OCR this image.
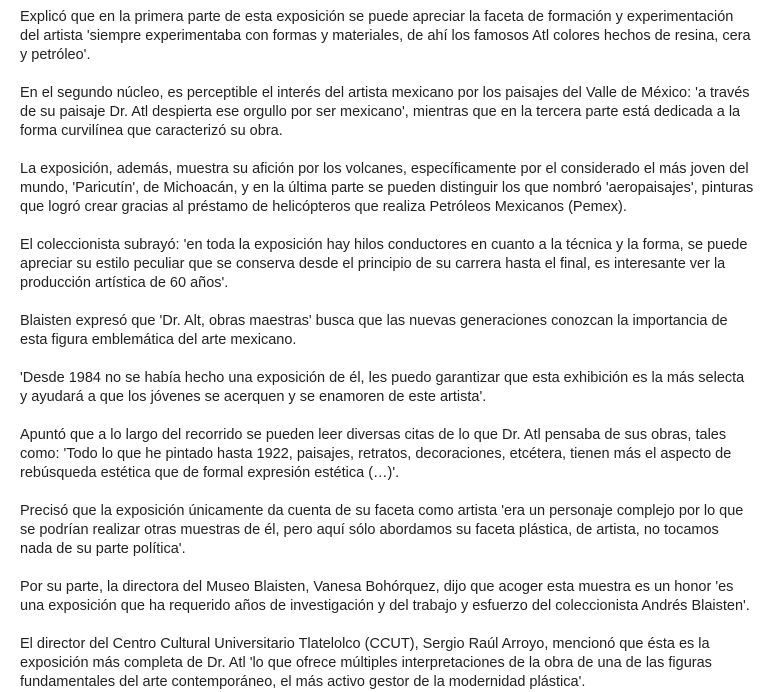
Explicó que en la primera parte de esta exposición se puede apreciar la faceta de formación y experimentación del artista 'siempre experimentaba con formas y materiales, de ahí los famosos Atl colores hechos de resina, cera y petróleo'.

En el segundo núcleo, es perceptible el interés del artista mexicano por los paisajes del Valle de México: 'a través de su paisaje Dr. Atl despierta ese orgullo por ser mexicano', mientras que en la tercera parte está dedicada a la forma curvilínea que caracterizó su obra.

La exposición, además, muestra su afición por los volcanes, específicamente por el considerado el más joven del mundo, 'Paricutín', de Michoacán, y en la última parte se pueden distinguir los que nombró 'aeropaisajes', pinturas que logró crear gracias al préstamo de helicópteros que realiza Petróleos Mexicanos (Pemex).

El coleccionista subrayó: 'en toda la exposición hay hilos conductores en cuanto a la técnica y la forma, se puede apreciar su estilo peculiar que se conserva desde el principio de su carrera hasta el final, es interesante ver la producción artística de 60 años'.

Blaisten expresó que 'Dr. Alt, obras maestras' busca que las nuevas generaciones conozcan la importancia de esta figura emblemática del arte mexicano.

'Desde 1984 no se había hecho una exposición de él, les puedo garantizar que esta exhibición es la más selecta y ayudará a que los jóvenes se acerquen y se enamoren de este artista'.

Apuntó que a lo largo del recorrido se pueden leer diversas citas de lo que Dr. Atl pensaba de sus obras, tales como: 'Todo lo que he pintado hasta 1922, paisajes, retratos, decoraciones, etcétera, tienen más el aspecto de rebúsqueda estética que de formal expresión estética (…)'.

Precisó que la exposición únicamente da cuenta de su faceta como artista 'era un personaje complejo por lo que se podrían realizar otras muestras de él, pero aquí sólo abordamos su faceta plástica, de artista, no tocamos nada de su parte política'.

Por su parte, la directora del Museo Blaisten, Vanesa Bohórquez, dijo que acoger esta muestra es un honor 'es una exposición que ha requerido años de investigación y del trabajo y esfuerzo del coleccionista Andrés Blaisten'.

El director del Centro Cultural Universitario Tlatelolco (CCUT), Sergio Raúl Arroyo, mencionó que ésta es la exposición más completa de Dr. Atl 'lo que ofrece múltiples interpretaciones de la obra de una de las figuras fundamentales del arte contemporáneo, el más activo gestor de la modernidad plástica'.
